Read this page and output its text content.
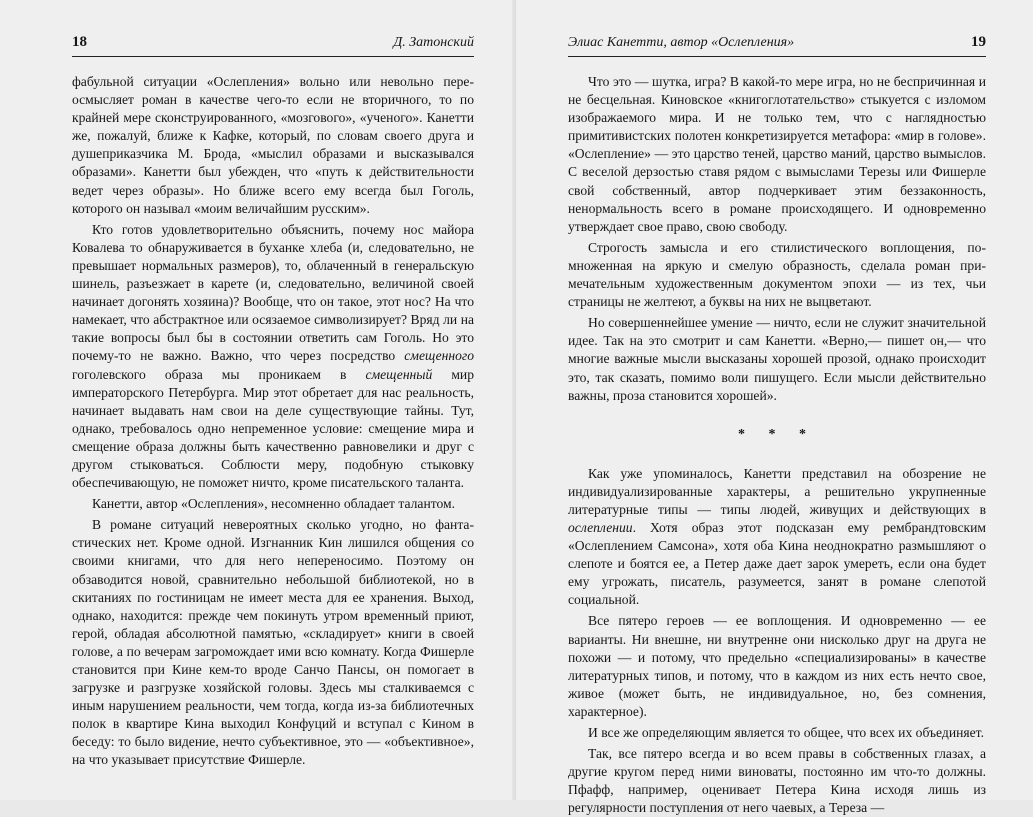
18	Д. Затонский

фабульной ситуации «Ослепления» вольно или невольно переосмысляет роман в качестве чего-то если не вторичного, то по крайней мере сконструированного, «мозгового», «ученого». Канетти же, пожалуй, ближе к Кафке, который, по словам своего друга и душеприказчика М. Брода, «мыслил образами и высказывался образами». Канетти был убежден, что «путь к действительности ведет через образы». Но ближе всего ему всегда был Гоголь, которого он называл «моим величайшим русским».

Кто готов удовлетворительно объяснить, почему нос майора Ковалева то обнаруживается в буханке хлеба (и, следовательно, не превышает нормальных размеров), то, облаченный в генеральскую шинель, разъезжает в карете (и, следовательно, величиной своей начинает догонять хозяина)? Вообще, что он такое, этот нос? На что намекает, что абстрактное или осязаемое символизирует? Вряд ли на такие вопросы был бы в состоянии ответить сам Гоголь. Но это почему-то не важно. Важно, что через посредство смещенного гоголевского образа мы проникаем в смещенный мир императорского Петербурга. Мир этот обретает для нас реальность, начинает выдавать нам свои на деле существующие тайны. Тут, однако, требовалось одно непременное условие: смещение мира и смещение образа должны быть качественно равновелики и друг с другом стыковаться. Соблюсти меру, подобную стыковку обеспечивающую, не поможет ничто, кроме писательского таланта.

Канетти, автор «Ослепления», несомненно обладает талантом.

В романе ситуаций невероятных сколько угодно, но фантастических нет. Кроме одной. Изгнанник Кин лишился общения со своими книгами, что для него непереносимо. Поэтому он обзаводится новой, сравнительно небольшой библиотекой, но в скитаниях по гостиницам не имеет места для ее хранения. Выход, однако, находится: прежде чем покинуть утром временный приют, герой, обладая абсолютной памятью, «складирует» книги в своей голове, а по вечерам загромождает ими всю комнату. Когда Фишерле становится при Кине кем-то вроде Санчо Пансы, он помогает в загрузке и разгрузке хозяйской головы. Здесь мы сталкиваемся с иным нарушением реальности, чем тогда, когда из-за библиотечных полок в квартире Кина выходил Конфуций и вступал с Кином в беседу: то было видение, нечто субъективное, это — «объективное», на что указывает присутствие Фишерле.

Элиас Канетти, автор «Ослепления»	19

Что это — шутка, игра? В какой-то мере игра, но не беспричинная и не бесцельная. Киновское «книгоглотательство» стыкуется с изломом изображаемого мира. И не только тем, что с наглядностью примитивистских полотен конкретизируется метафора: «мир в голове». «Ослепление» — это царство теней, царство маний, царство вымыслов. С веселой дерзостью ставя рядом с вымыслами Терезы или Фишерле свой собственный, автор подчеркивает этим беззаконность, ненормальность всего в романе происходящего. И одновременно утверждает свое право, свою свободу.

Строгость замысла и его стилистического воплощения, помноженная на яркую и смелую образность, сделала роман примечательным художественным документом эпохи — из тех, чьи страницы не желтеют, а буквы на них не выцветают.

Но совершеннейшее умение — ничто, если не служит значительной идее. Так на это смотрит и сам Канетти. «Верно,— пишет он,— что многие важные мысли высказаны хорошей прозой, однако происходит это, так сказать, помимо воли пишущего. Если мысли действительно важны, проза становится хорошей».

* * *

Как уже упоминалось, Канетти представил на обозрение не индивидуализированные характеры, а решительно укрупненные литературные типы — типы людей, живущих и действующих в ослеплении. Хотя образ этот подсказан ему рембрандтовским «Ослеплением Самсона», хотя оба Кина неоднократно размышляют о слепоте и боятся ее, а Петер даже дает зарок умереть, если она будет ему угрожать, писатель, разумеется, занят в романе слепотой социальной.

Все пятеро героев — ее воплощения. И одновременно — ее варианты. Ни внешне, ни внутренне они нисколько друг на друга не похожи — и потому, что предельно «специализированы» в качестве литературных типов, и потому, что в каждом из них есть нечто свое, живое (может быть, не индивидуальное, но, без сомнения, характерное).

И все же определяющим является то общее, что всех их объединяет.

Так, все пятеро всегда и во всем правы в собственных глазах, а другие кругом перед ними виноваты, постоянно им что-то должны. Пфафф, например, оценивает Петера Кина исходя лишь из регулярности поступления от него чаевых, а Тереза —
